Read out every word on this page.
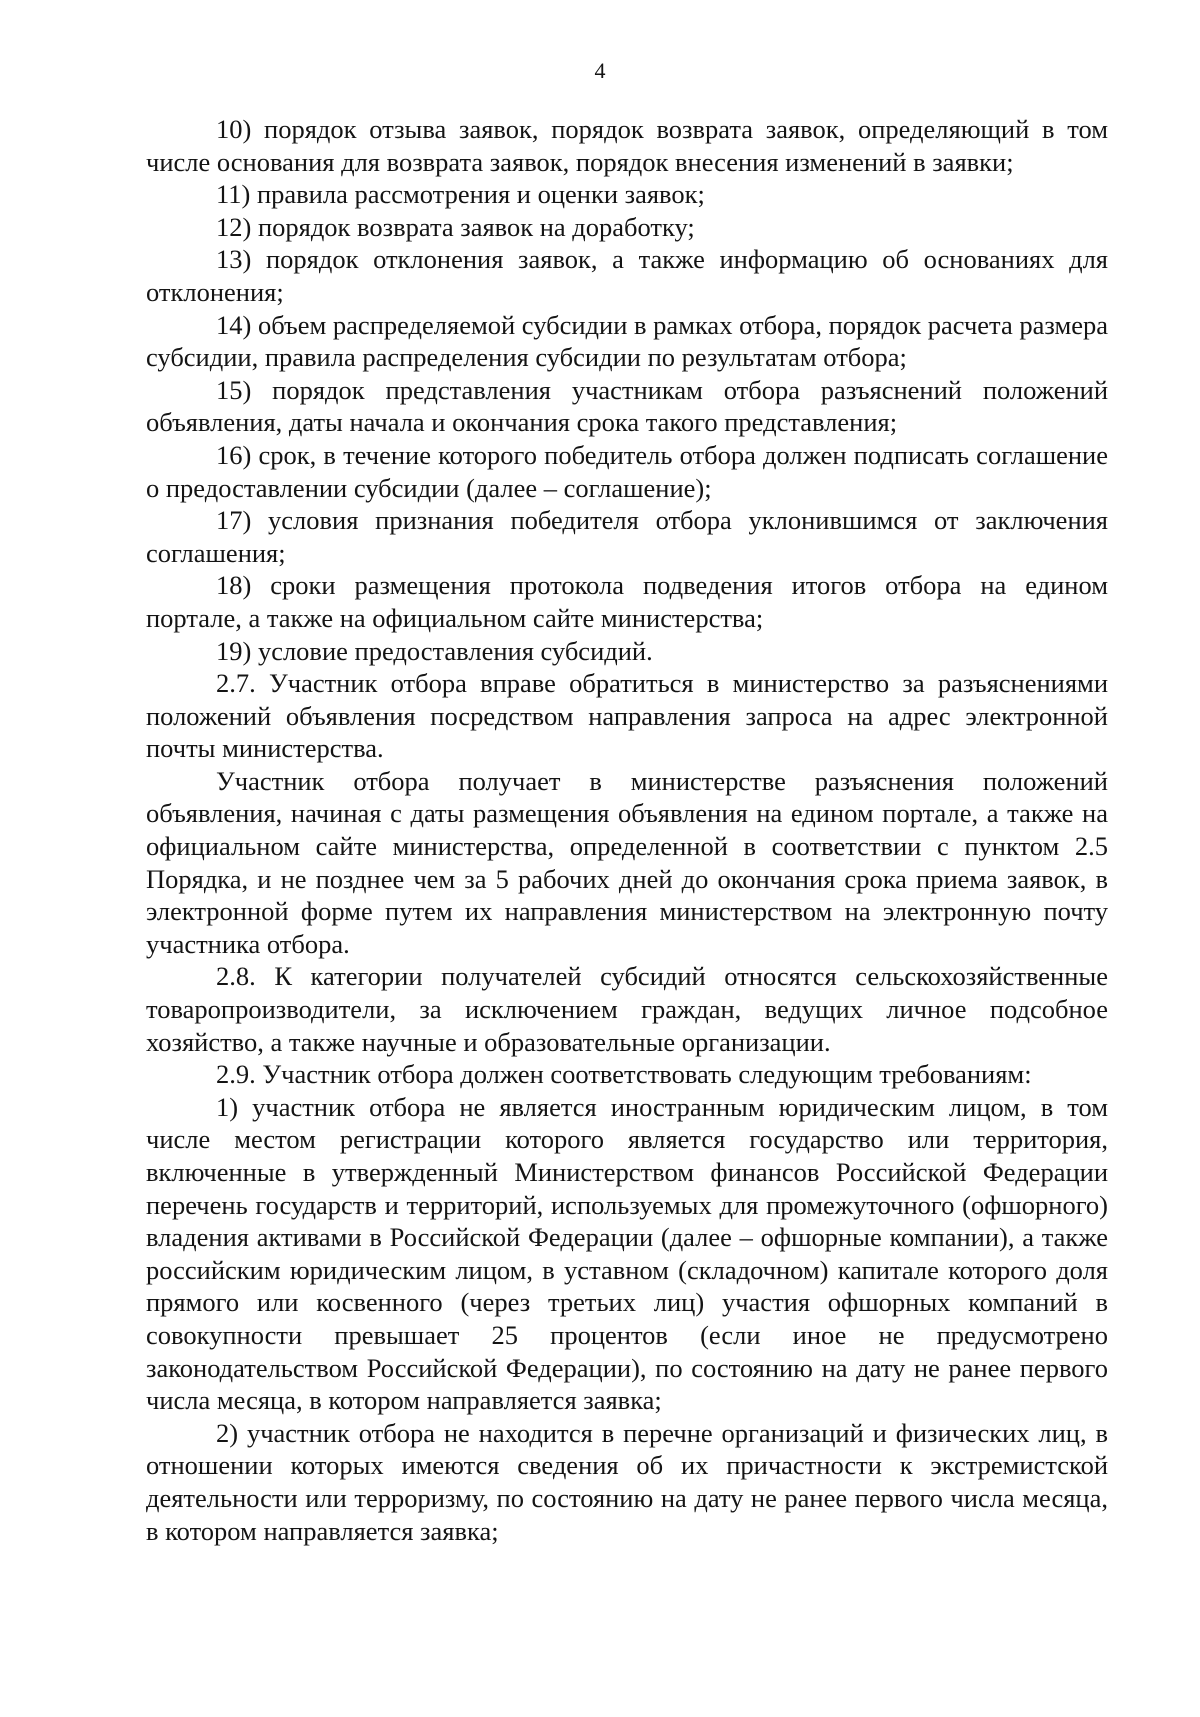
4

10) порядок отзыва заявок, порядок возврата заявок, определяющий в том числе основания для возврата заявок, порядок внесения изменений в заявки;

11) правила рассмотрения и оценки заявок;

12) порядок возврата заявок на доработку;

13) порядок отклонения заявок, а также информацию об основаниях для отклонения;

14) объем распределяемой субсидии в рамках отбора, порядок расчета размера субсидии, правила распределения субсидии по результатам отбора;

15) порядок представления участникам отбора разъяснений положений объявления, даты начала и окончания срока такого представления;

16) срок, в течение которого победитель отбора должен подписать соглашение о предоставлении субсидии (далее – соглашение);

17) условия признания победителя отбора уклонившимся от заключения соглашения;

18) сроки размещения протокола подведения итогов отбора на едином портале, а также на официальном сайте министерства;

19) условие предоставления субсидий.

2.7. Участник отбора вправе обратиться в министерство за разъяснениями положений объявления посредством направления запроса на адрес электронной почты министерства.

Участник отбора получает в министерстве разъяснения положений объявления, начиная с даты размещения объявления на едином портале, а также на официальном сайте министерства, определенной в соответствии с пунктом 2.5 Порядка, и не позднее чем за 5 рабочих дней до окончания срока приема заявок, в электронной форме путем их направления министерством на электронную почту участника отбора.

2.8. К категории получателей субсидий относятся сельскохозяйственные товаропроизводители, за исключением граждан, ведущих личное подсобное хозяйство, а также научные и образовательные организации.

2.9. Участник отбора должен соответствовать следующим требованиям:

1) участник отбора не является иностранным юридическим лицом, в том числе местом регистрации которого является государство или территория, включенные в утвержденный Министерством финансов Российской Федерации перечень государств и территорий, используемых для промежуточного (офшорного) владения активами в Российской Федерации (далее – офшорные компании), а также российским юридическим лицом, в уставном (складочном) капитале которого доля прямого или косвенного (через третьих лиц) участия офшорных компаний в совокупности превышает 25 процентов (если иное не предусмотрено законодательством Российской Федерации), по состоянию на дату не ранее первого числа месяца, в котором направляется заявка;

2) участник отбора не находится в перечне организаций и физических лиц, в отношении которых имеются сведения об их причастности к экстремистской деятельности или терроризму, по состоянию на дату не ранее первого числа месяца, в котором направляется заявка;
